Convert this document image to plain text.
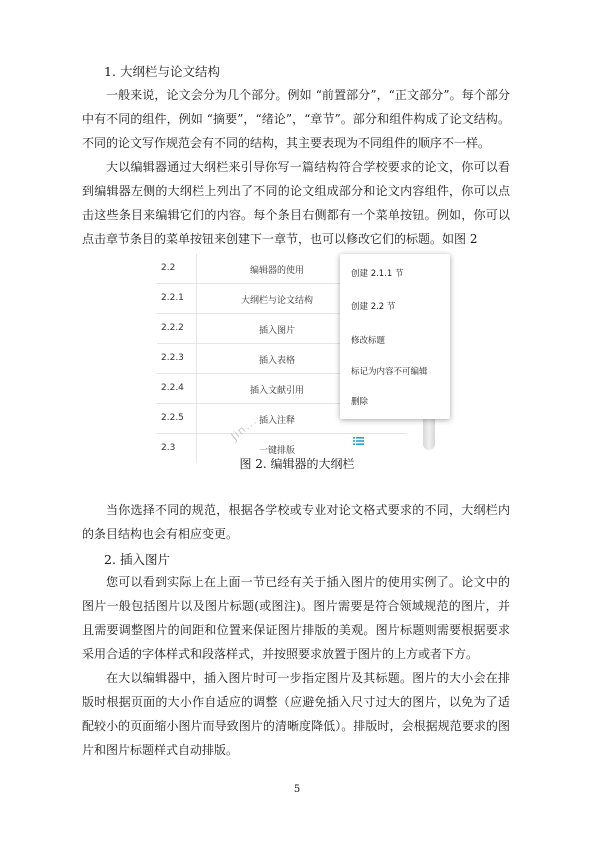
1. 大纲栏与论文结构

一般来说，论文会分为几个部分。例如 “前置部分”，“正文部分”。每个部分中有不同的组件，例如 “摘要”，“绪论”，“章节”。部分和组件构成了论文结构。不同的论文写作规范会有不同的结构，其主要表现为不同组件的顺序不一样。

大以编辑器通过大纲栏来引导你写一篇结构符合学校要求的论文，你可以看到编辑器左侧的大纲栏上列出了不同的论文组成部分和论文内容组件，你可以点击这些条目来编辑它们的内容。每个条目右侧都有一个菜单按钮。例如，你可以点击章节条目的菜单按钮来创建下一章节，也可以修改它们的标题。如图 2

2.2	编辑器的使用
2.2.1	大纲栏与论文结构
2.2.2	插入图片
2.2.3	插入表格
2.2.4	插入文献引用
2.2.5	插入注释
2.3	一键排版
创建 2.1.1 节
创建 2.2 节
修改标题
标记为内容不可编辑
删除
Jin...
图 2. 编辑器的大纲栏

当你选择不同的规范，根据各学校或专业对论文格式要求的不同，大纲栏内的条目结构也会有相应变更。

2. 插入图片

您可以看到实际上在上面一节已经有关于插入图片的使用实例了。论文中的图片一般包括图片以及图片标题(或图注)。图片需要是符合领域规范的图片，并且需要调整图片的间距和位置来保证图片排版的美观。图片标题则需要根据要求采用合适的字体样式和段落样式，并按照要求放置于图片的上方或者下方。

在大以编辑器中，插入图片时可一步指定图片及其标题。图片的大小会在排版时根据页面的大小作自适应的调整（应避免插入尺寸过大的图片，以免为了适配较小的页面缩小图片而导致图片的清晰度降低）。排版时，会根据规范要求的图片和图片标题样式自动排版。

5
